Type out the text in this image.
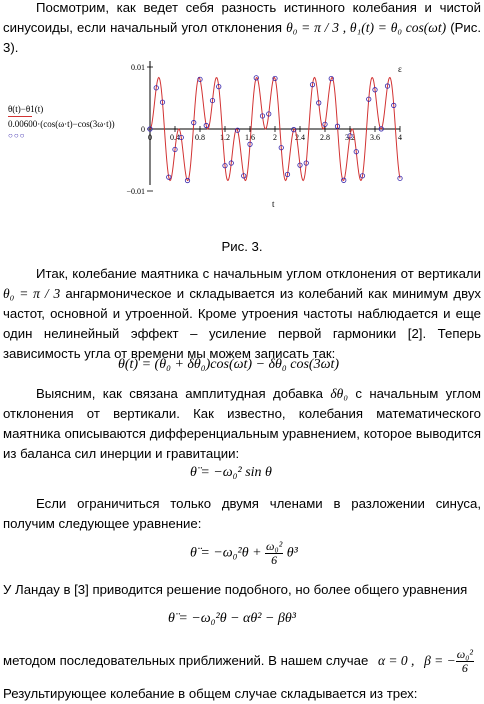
Посмотрим, как ведет себя разность истинного колебания и чистой синусоиды, если начальный угол отклонения θ₀ = π / 3 , θ₁(t) = θ₀ cos(ωt) (Рис. 3).

θ(t)−θ1(t)
0.00600·(cos(ω·t)−cos(3ω·t))
○○○	0 0.4 0.8 1.2 1.6 2 2.4 2.8 3.2 3.6 4
0.01
0
−0.01
ε
t
Рис. 3.

Итак, колебание маятника с начальным углом отклонения от вертикали θ₀ = π / 3 ангармоническое и складывается из колебаний как минимум двух частот, основной и утроенной. Кроме утроения частоты наблюдается и еще один нелинейный эффект – усиление первой гармоники [2]. Теперь зависимость угла от времени мы можем записать так:

θ(t) = (θ₀ + δθ₀)cos(ωt) − δθ₀ cos(3ωt)

Выясним, как связана амплитудная добавка δθ₀ с начальным углом отклонения от вертикали. Как известно, колебания математического маятника описываются дифференциальным уравнением, которое выводится из баланса сил инерции и гравитации:

θ̈ = −ω₀² sin θ

Если ограничиться только двумя членами в разложении синуса, получим следующее уравнение:

θ̈ = $-\omega_0^2\theta + \frac{\text{ω₀²}}{6} \theta^3$

У Ландау в [3] приводится решение подобного, но более общего уравнения

θ̈ = −ω₀²θ − αθ² − βθ³
методом последовательных приближений. В нашем случае α = 0 , β = − $\frac{\text{ω₀²}}{6}$

Результирующее колебание в общем случае складывается из трех:
